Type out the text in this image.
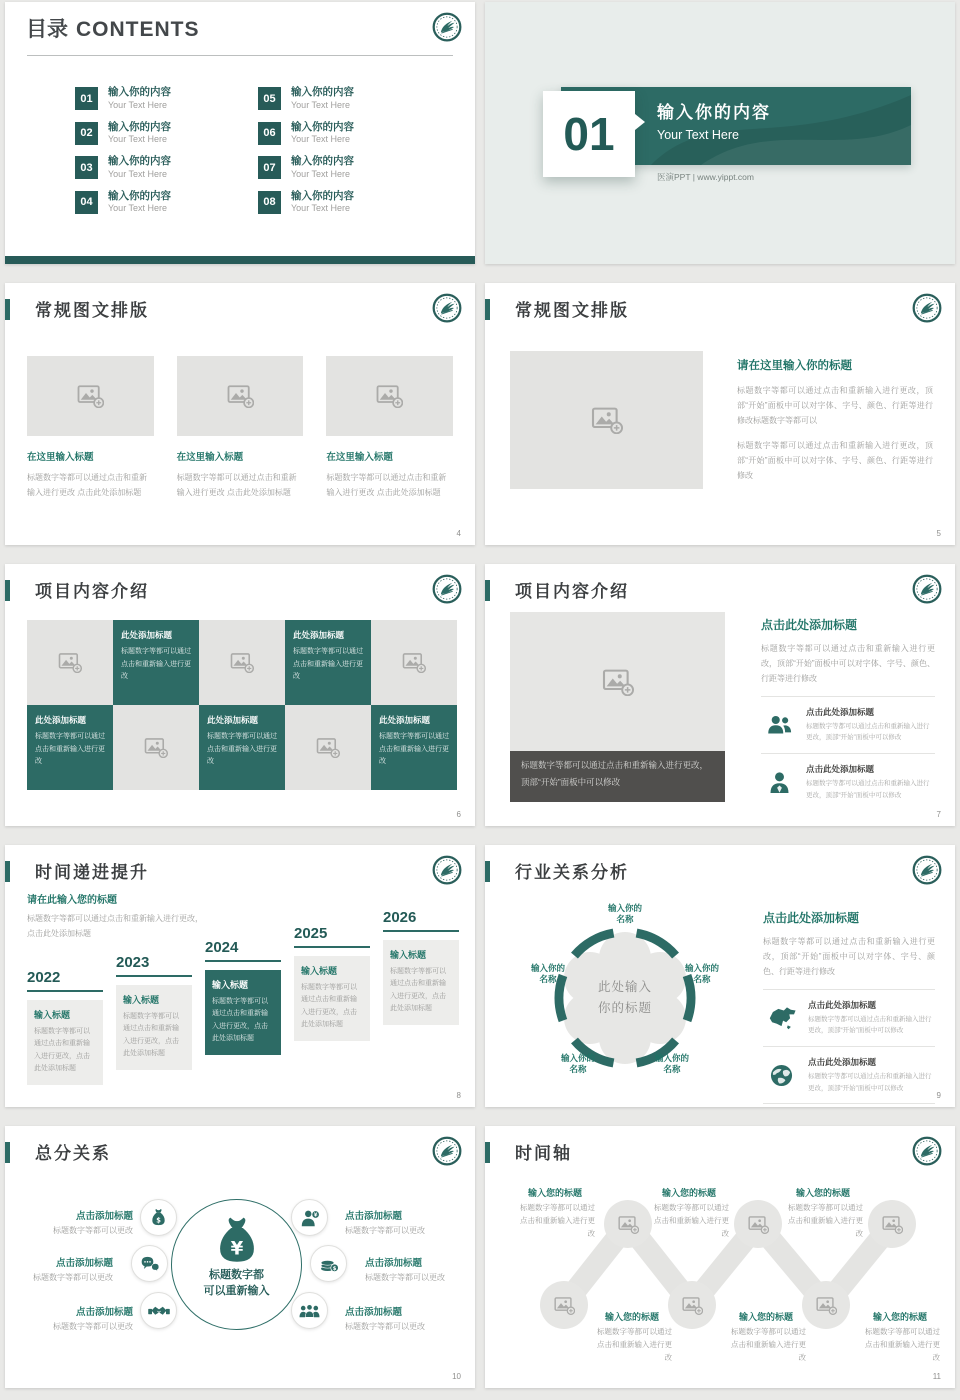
目录 CONTENTS
01
输入你的内容
Your Text Here
02
输入你的内容
Your Text Here
03
输入你的内容
Your Text Here
04
输入你的内容
Your Text Here
05
输入你的内容
Your Text Here
06
输入你的内容
Your Text Here
07
输入你的内容
Your Text Here
08
输入你的内容
Your Text Here
输入你的内容
Your Text Here
01
医演PPT | www.yippt.com
常规图文排版
在这里输入标题
标题数字等都可以通过点击和重新输入进行更改 点击此处添加标题
在这里输入标题
标题数字等都可以通过点击和重新输入进行更改 点击此处添加标题
在这里输入标题
标题数字等都可以通过点击和重新输入进行更改 点击此处添加标题
4
常规图文排版
请在这里输入你的标题
标题数字等都可以通过点击和重新输入进行更改，顶部“开始”面板中可以对字体、字号、颜色、行距等进行修改标题数字等都可以
标题数字等都可以通过点击和重新输入进行更改，顶部“开始”面板中可以对字体、字号、颜色、行距等进行修改
5
项目内容介绍
此处添加标题
标题数字等都可以通过点击和重新输入进行更改
此处添加标题
标题数字等都可以通过点击和重新输入进行更改
此处添加标题
标题数字等都可以通过点击和重新输入进行更改
此处添加标题
标题数字等都可以通过点击和重新输入进行更改
此处添加标题
标题数字等都可以通过点击和重新输入进行更改
6
项目内容介绍
标题数字等都可以通过点击和重新输入进行更改，顶部“开始”面板中可以修改
点击此处添加标题
标题数字等都可以通过点击和重新输入进行更改，顶部“开始”面板中可以对字体、字号、颜色、行距等进行修改
点击此处添加标题
标题数字等都可以通过点击和重新输入进行更改，顶部“开始”面板中可以修改
点击此处添加标题
标题数字等都可以通过点击和重新输入进行更改，顶部“开始”面板中可以修改
7
时间递进提升
请在此输入您的标题
标题数字等都可以通过点击和重新输入进行更改，点击此处添加标题
2022
输入标题
标题数字等都可以通过点击和重新输入进行更改，点击此处添加标题
2023
输入标题
标题数字等都可以通过点击和重新输入进行更改，点击此处添加标题
2024
输入标题
标题数字等都可以通过点击和重新输入进行更改，点击此处添加标题
2025
输入标题
标题数字等都可以通过点击和重新输入进行更改，点击此处添加标题
2026
输入标题
标题数字等都可以通过点击和重新输入进行更改，点击此处添加标题
8
行业关系分析
此处输入
你的标题
输入你的名称
输入你的名称
输入你的名称
输入你的名称
输入你的名称
点击此处添加标题
标题数字等都可以通过点击和重新输入进行更改，顶部“开始”面板中可以对字体、字号、颜色、行距等进行修改
点击此处添加标题
标题数字等都可以通过点击和重新输入进行更改，顶部“开始”面板中可以修改
点击此处添加标题
标题数字等都可以通过点击和重新输入进行更改，顶部“开始”面板中可以修改
9
总分关系
标题数字都
可以重新输入
点击添加标题
标题数字等都可以更改
点击添加标题
标题数字等都可以更改
点击添加标题
标题数字等都可以更改
点击添加标题
标题数字等都可以更改
点击添加标题
标题数字等都可以更改
点击添加标题
标题数字等都可以更改
10
时间轴
输入您的标题
标题数字等都可以通过点击和重新输入进行更改
输入您的标题
标题数字等都可以通过点击和重新输入进行更改
输入您的标题
标题数字等都可以通过点击和重新输入进行更改
输入您的标题
标题数字等都可以通过点击和重新输入进行更改
输入您的标题
标题数字等都可以通过点击和重新输入进行更改
输入您的标题
标题数字等都可以通过点击和重新输入进行更改
11
